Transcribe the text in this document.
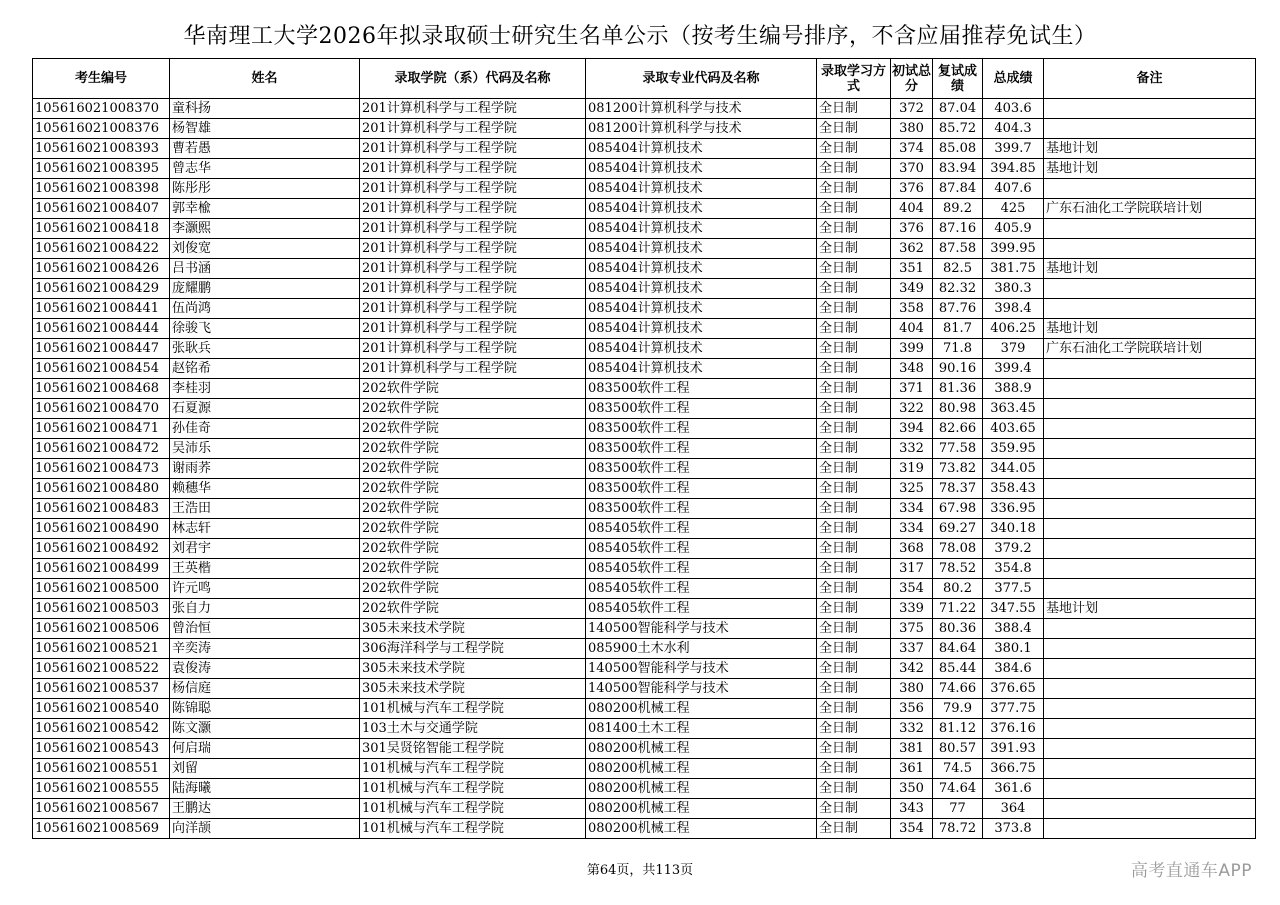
华南理工大学2026年拟录取硕士研究生名单公示（按考生编号排序，不含应届推荐免试生）
考生编号	姓名	录取学院（系）代码及名称	录取专业代码及名称	录取学习方式	初试总分	复试成绩	总成绩	备注
105616021008370	童科扬	201计算机科学与工程学院	081200计算机科学与技术	全日制	372	87.04	403.6	
105616021008376	杨智雄	201计算机科学与工程学院	081200计算机科学与技术	全日制	380	85.72	404.3	
105616021008393	曹若愚	201计算机科学与工程学院	085404计算机技术	全日制	374	85.08	399.7	基地计划
105616021008395	曾志华	201计算机科学与工程学院	085404计算机技术	全日制	370	83.94	394.85	基地计划
105616021008398	陈彤彤	201计算机科学与工程学院	085404计算机技术	全日制	376	87.84	407.6	
105616021008407	郭幸楡	201计算机科学与工程学院	085404计算机技术	全日制	404	89.2	425	广东石油化工学院联培计划
105616021008418	李灏熙	201计算机科学与工程学院	085404计算机技术	全日制	376	87.16	405.9	
105616021008422	刘俊宽	201计算机科学与工程学院	085404计算机技术	全日制	362	87.58	399.95	
105616021008426	吕书涵	201计算机科学与工程学院	085404计算机技术	全日制	351	82.5	381.75	基地计划
105616021008429	庞耀鹏	201计算机科学与工程学院	085404计算机技术	全日制	349	82.32	380.3	
105616021008441	伍尚鸿	201计算机科学与工程学院	085404计算机技术	全日制	358	87.76	398.4	
105616021008444	徐骏飞	201计算机科学与工程学院	085404计算机技术	全日制	404	81.7	406.25	基地计划
105616021008447	张耿兵	201计算机科学与工程学院	085404计算机技术	全日制	399	71.8	379	广东石油化工学院联培计划
105616021008454	赵铭希	201计算机科学与工程学院	085404计算机技术	全日制	348	90.16	399.4	
105616021008468	李桂羽	202软件学院	083500软件工程	全日制	371	81.36	388.9	
105616021008470	石夏源	202软件学院	083500软件工程	全日制	322	80.98	363.45	
105616021008471	孙佳奇	202软件学院	083500软件工程	全日制	394	82.66	403.65	
105616021008472	吴沛乐	202软件学院	083500软件工程	全日制	332	77.58	359.95	
105616021008473	谢雨荞	202软件学院	083500软件工程	全日制	319	73.82	344.05	
105616021008480	赖穗华	202软件学院	083500软件工程	全日制	325	78.37	358.43	
105616021008483	王浩田	202软件学院	083500软件工程	全日制	334	67.98	336.95	
105616021008490	林志轩	202软件学院	085405软件工程	全日制	334	69.27	340.18	
105616021008492	刘君宇	202软件学院	085405软件工程	全日制	368	78.08	379.2	
105616021008499	王英楷	202软件学院	085405软件工程	全日制	317	78.52	354.8	
105616021008500	许元鸣	202软件学院	085405软件工程	全日制	354	80.2	377.5	
105616021008503	张自力	202软件学院	085405软件工程	全日制	339	71.22	347.55	基地计划
105616021008506	曾治恒	305未来技术学院	140500智能科学与技术	全日制	375	80.36	388.4	
105616021008521	辛奕涛	306海洋科学与工程学院	085900土木水利	全日制	337	84.64	380.1	
105616021008522	袁俊涛	305未来技术学院	140500智能科学与技术	全日制	342	85.44	384.6	
105616021008537	杨信庭	305未来技术学院	140500智能科学与技术	全日制	380	74.66	376.65	
105616021008540	陈锦聪	101机械与汽车工程学院	080200机械工程	全日制	356	79.9	377.75	
105616021008542	陈文灏	103土木与交通学院	081400土木工程	全日制	332	81.12	376.16	
105616021008543	何启瑞	301吴贤铭智能工程学院	080200机械工程	全日制	381	80.57	391.93	
105616021008551	刘留	101机械与汽车工程学院	080200机械工程	全日制	361	74.5	366.75	
105616021008555	陆海曦	101机械与汽车工程学院	080200机械工程	全日制	350	74.64	361.6	
105616021008567	王鹏达	101机械与汽车工程学院	080200机械工程	全日制	343	77	364	
105616021008569	向洋颉	101机械与汽车工程学院	080200机械工程	全日制	354	78.72	373.8	
第64页，共113页	高考直通车APP
